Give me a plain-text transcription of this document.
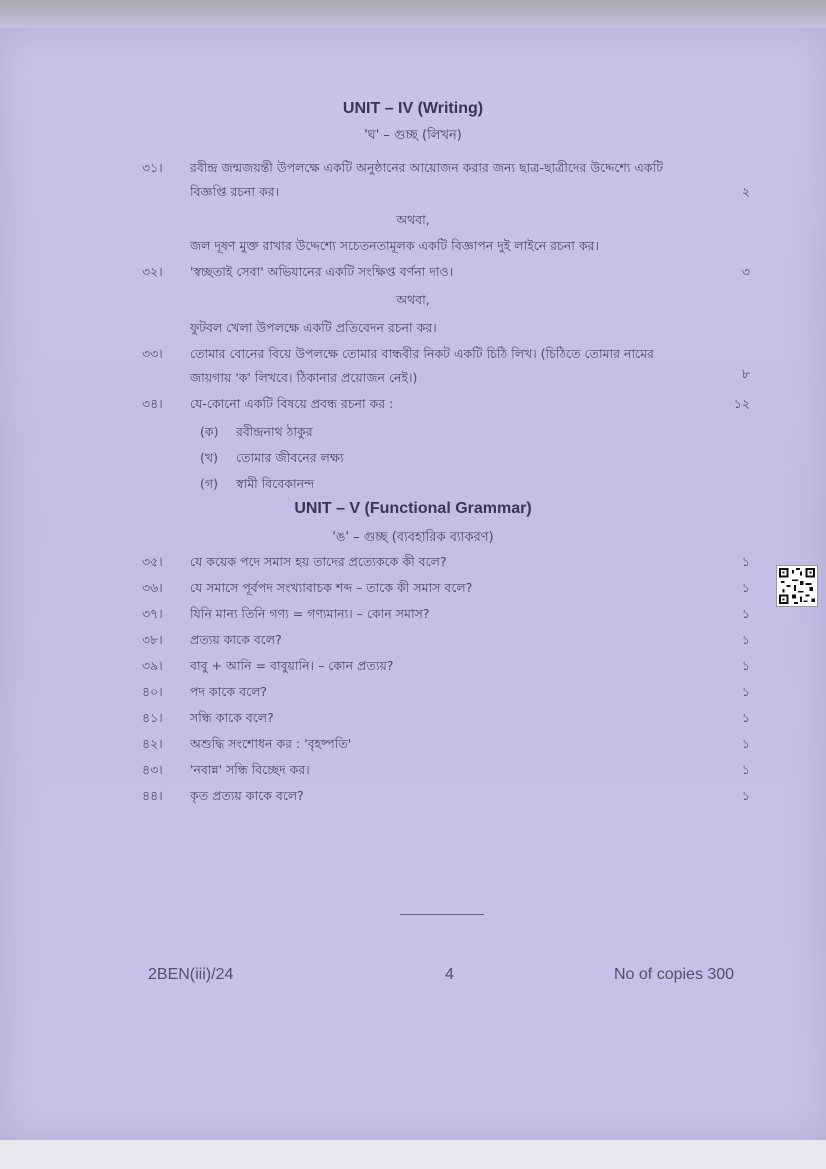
UNIT – IV (Writing)
'ঘ' – গুচ্ছ (লিখন)
৩১।	রবীন্দ্র জন্মজয়ন্তী উপলক্ষে একটি অনুষ্ঠানের আয়োজন করার জন্য ছাত্র-ছাত্রীদের উদ্দেশ্যে একটি
বিজ্ঞপ্তি রচনা কর।	২
অথবা,
জল দূষণ মুক্ত রাখার উদ্দেশ্যে সচেতনতামূলক একটি বিজ্ঞাপন দুই লাইনে রচনা কর।
৩২।	'স্বচ্ছতাই সেবা' অভিযানের একটি সংক্ষিপ্ত বর্ণনা দাও।	৩
অথবা,
ফুটবল খেলা উপলক্ষে একটি প্রতিবেদন রচনা কর।
৩৩।	তোমার বোনের বিয়ে উপলক্ষে তোমার বান্ধবীর নিকট একটি চিঠি লিখ। (চিঠিতে তোমার নামের
জায়গায় 'ক' লিখবে। ঠিকানার প্রয়োজন নেই।)	৮
৩৪।	যে-কোনো একটি বিষয়ে প্রবন্ধ রচনা কর :	১২
(ক) রবীন্দ্রনাথ ঠাকুর
(খ) তোমার জীবনের লক্ষ্য
(গ) স্বামী বিবেকানন্দ
UNIT – V (Functional Grammar)
'ঙ' – গুচ্ছ (ব্যবহারিক ব্যাকরণ)
৩৫।	যে কয়েক পদে সমাস হয় তাদের প্রত্যেককে কী বলে?	১
৩৬।	যে সমাসে পূর্বপদ সংখ্যাবাচক শব্দ – তাকে কী সমাস বলে?	১
৩৭।	যিনি মান্য তিনি গণ্য = গণ্যমান্য। – কোন সমাস?	১
৩৮।	প্রত্যয় কাকে বলে?	১
৩৯।	বাবু + আনি = বাবুয়ানি। – কোন প্রত্যয়?	১
৪০।	পদ কাকে বলে?	১
৪১।	সন্ধি কাকে বলে?	১
৪২।	অশুদ্ধি সংশোধন কর : 'বৃহষ্পতি'	১
৪৩।	'নবান্ন' সন্ধি বিচ্ছেদ কর।	১
৪৪।	কৃত প্রত্যয় কাকে বলে?	১
2BEN(iii)/24	4	No of copies 300
